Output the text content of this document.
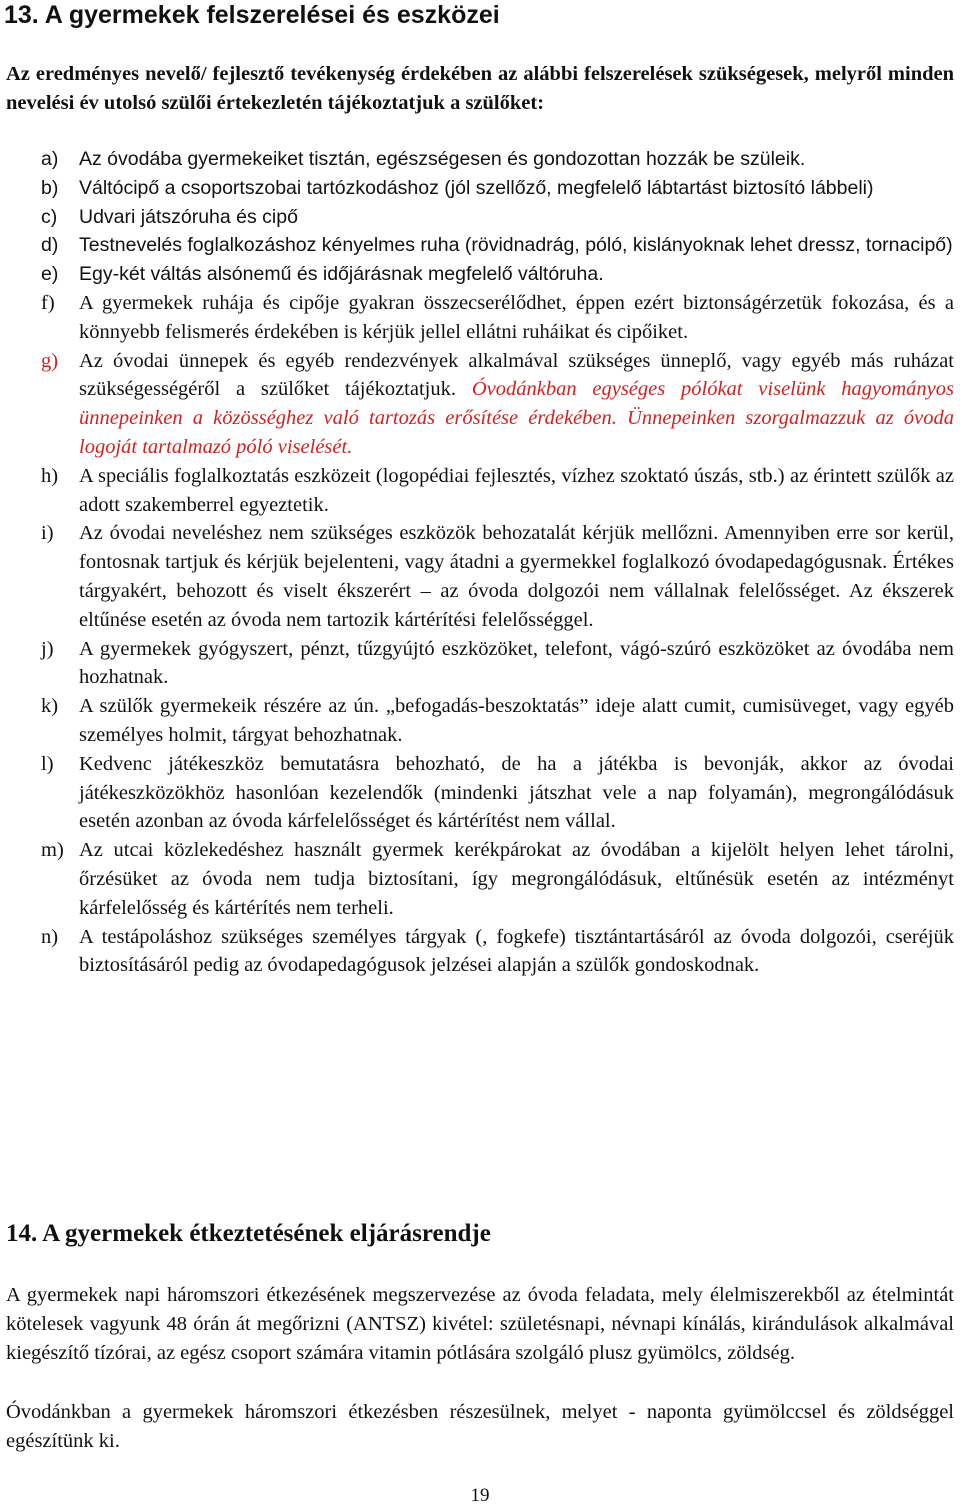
13. A gyermekek felszerelései és eszközei

Az eredményes nevelő/ fejlesztő tevékenység érdekében az alábbi felszerelések szükségesek, melyről minden nevelési év utolsó szülői értekezletén tájékoztatjuk a szülőket:

a) Az óvodába gyermekeiket tisztán, egészségesen és gondozottan hozzák be szüleik.
b) Váltócipő a csoportszobai tartózkodáshoz (jól szellőző, megfelelő lábtartást biztosító lábbeli)
c) Udvari játszóruha és cipő
d) Testnevelés foglalkozáshoz kényelmes ruha (rövidnadrág, póló, kislányoknak lehet dressz, tornacipő)
e) Egy-két váltás alsónemű és időjárásnak megfelelő váltóruha.
f) A gyermekek ruhája és cipője gyakran összecserélődhet, éppen ezért biztonságérzetük fokozása, és a könnyebb felismerés érdekében is kérjük jellel ellátni ruháikat és cipőiket.
g) Az óvodai ünnepek és egyéb rendezvények alkalmával szükséges ünneplő, vagy egyéb más ruházat szükségességéről a szülőket tájékoztatjuk. Óvodánkban egységes pólókat viselünk hagyományos ünnepeinken a közösséghez való tartozás erősítése érdekében. Ünnepeinken szorgalmazzuk az óvoda logoját tartalmazó póló viselését.
h) A speciális foglalkoztatás eszközeit (logopédiai fejlesztés, vízhez szoktató úszás, stb.) az érintett szülők az adott szakemberrel egyeztetik.
i) Az óvodai neveléshez nem szükséges eszközök behozatalát kérjük mellőzni. Amennyiben erre sor kerül, fontosnak tartjuk és kérjük bejelenteni, vagy átadni a gyermekkel foglalkozó óvodapedagógusnak. Értékes tárgyakért, behozott és viselt ékszerért – az óvoda dolgozói nem vállalnak felelősséget. Az ékszerek eltűnése esetén az óvoda nem tartozik kártérítési felelősséggel.
j) A gyermekek gyógyszert, pénzt, tűzgyújtó eszközöket, telefont, vágó-szúró eszközöket az óvodába nem hozhatnak.
k) A szülők gyermekeik részére az ún. „befogadás-beszoktatás” ideje alatt cumit, cumisüveget, vagy egyéb személyes holmit, tárgyat behozhatnak.
l) Kedvenc játékeszköz bemutatásra behozható, de ha a játékba is bevonják, akkor az óvodai játékeszközökhöz hasonlóan kezelendők (mindenki játszhat vele a nap folyamán), megrongálódásuk esetén azonban az óvoda kárfelelősséget és kártérítést nem vállal.
m) Az utcai közlekedéshez használt gyermek kerékpárokat az óvodában a kijelölt helyen lehet tárolni, őrzésüket az óvoda nem tudja biztosítani, így megrongálódásuk, eltűnésük esetén az intézményt kárfelelősség és kártérítés nem terheli.
n) A testápoláshoz szükséges személyes tárgyak (, fogkefe) tisztántartásáról az óvoda dolgozói, cseréjük biztosításáról pedig az óvodapedagógusok jelzései alapján a szülők gondoskodnak.
14. A gyermekek étkeztetésének eljárásrendje

A gyermekek napi háromszori étkezésének megszervezése az óvoda feladata, mely élelmiszerekből az ételmintát kötelesek vagyunk 48 órán át megőrizni (ANTSZ) kivétel: születésnapi, névnapi kínálás, kirándulások alkalmával kiegészítő tízórai, az egész csoport számára vitamin pótlására szolgáló plusz gyümölcs, zöldség.

Óvodánkban a gyermekek háromszori étkezésben részesülnek, melyet - naponta gyümölccsel és zöldséggel egészítünk ki.

19
